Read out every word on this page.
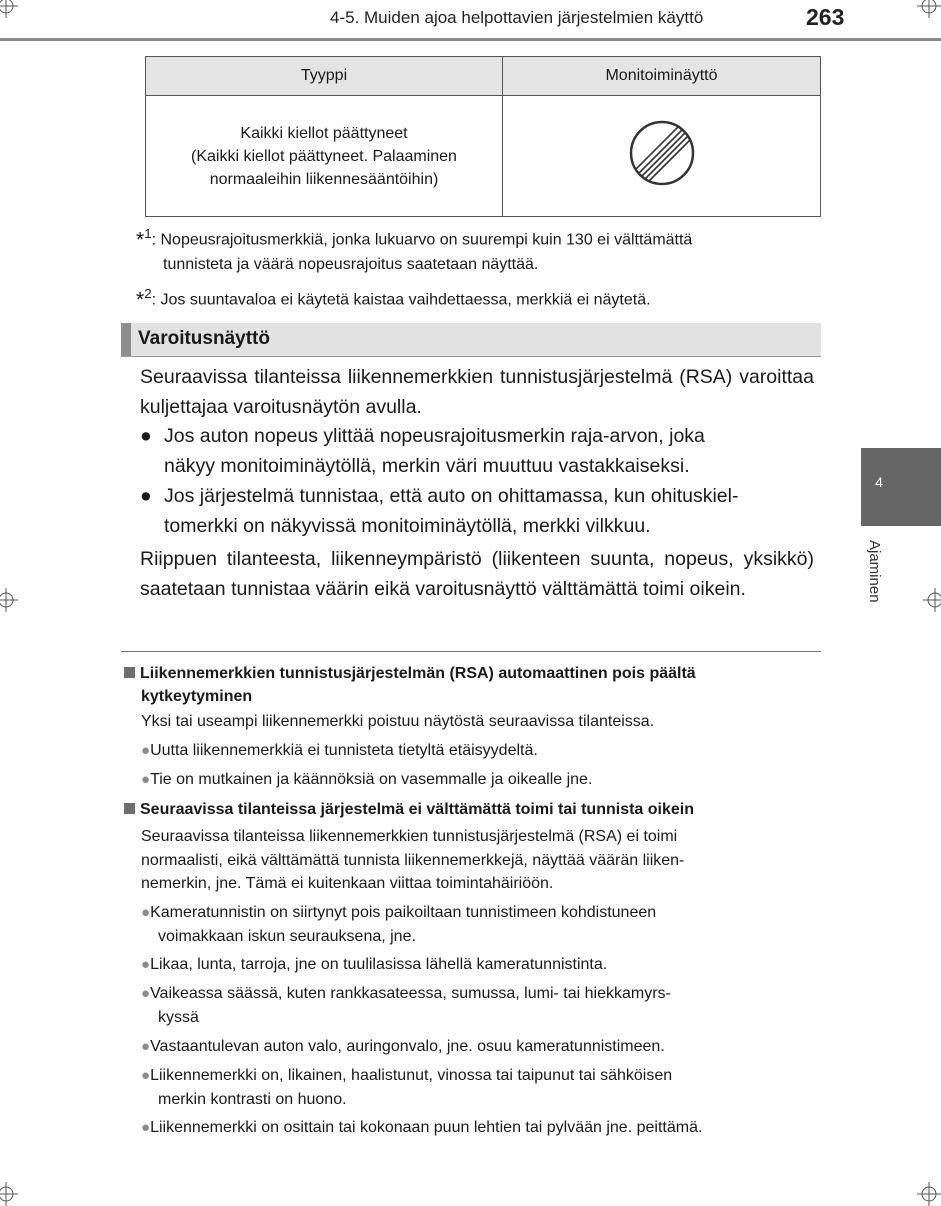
4-5. Muiden ajoa helpottavien järjestelmien käyttö	263
Tyyppi	Monitoiminäyttö

Kaikki kiellot päättyneet
(Kaikki kiellot päättyneet. Palaaminen
normaaleihin liikennesääntöihin)

*$^1$: Nopeusrajoitusmerkkiä, jonka lukuarvo on suurempi kuin 130 ei välttämättä
tunnisteta ja väärä nopeusrajoitus saatetaan näyttää.
*$^2$: Jos suuntavaloa ei käytetä kaistaa vaihdettaessa, merkkiä ei näytetä.
Varoitusnäyttö
Seuraavissa tilanteissa liikennemerkkien tunnistusjärjestelmä (RSA) varoittaa kuljettajaa varoitusnäytön avulla.
● Jos auton nopeus ylittää nopeusrajoitusmerkin raja-arvon, joka
näkyy monitoiminäytöllä, merkin väri muuttuu vastakkaiseksi.
● Jos järjestelmä tunnistaa, että auto on ohittamassa, kun ohituskiel-
tomerkki on näkyvissä monitoiminäytöllä, merkki vilkkuu.
Riippuen tilanteesta, liikenneympäristö (liikenteen suunta, nopeus, yksikkö) saatetaan tunnistaa väärin eikä varoitusnäyttö välttämättä toimi oikein.
Liikennemerkkien tunnistusjärjestelmän (RSA) automaattinen pois päältä
kytkeytyminen
Yksi tai useampi liikennemerkki poistuu näytöstä seuraavissa tilanteissa.
●Uutta liikennemerkkiä ei tunnisteta tietyltä etäisyydeltä.
●Tie on mutkainen ja käännöksiä on vasemmalle ja oikealle jne.
Seuraavissa tilanteissa järjestelmä ei välttämättä toimi tai tunnista oikein
Seuraavissa tilanteissa liikennemerkkien tunnistusjärjestelmä (RSA) ei toimi
normaalisti, eikä välttämättä tunnista liikennemerkkejä, näyttää väärän liiken-
nemerkin, jne. Tämä ei kuitenkaan viittaa toimintahäiriöön.
●Kameratunnistin on siirtynyt pois paikoiltaan tunnistimeen kohdistuneen
voimakkaan iskun seurauksena, jne.
●Likaa, lunta, tarroja, jne on tuulilasissa lähellä kameratunnistinta.
●Vaikeassa säässä, kuten rankkasateessa, sumussa, lumi- tai hiekkamyrs-
kyssä
●Vastaantulevan auton valo, auringonvalo, jne. osuu kameratunnistimeen.
●Liikennemerkki on, likainen, haalistunut, vinossa tai taipunut tai sähköisen
merkin kontrasti on huono.
●Liikennemerkki on osittain tai kokonaan puun lehtien tai pylvään jne. peittämä.
4
Ajaminen
